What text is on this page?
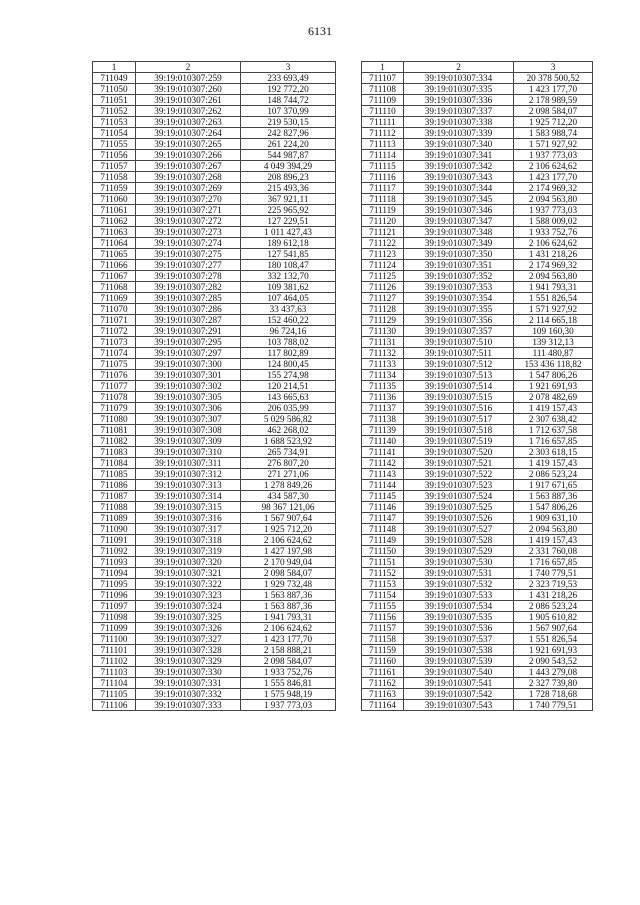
6131
1	2	3
711049	39:19:010307:259	233 693,49
711050	39:19:010307:260	192 772,20
711051	39:19:010307:261	148 744,72
711052	39:19:010307:262	107 370,99
711053	39:19:010307:263	219 530,15
711054	39:19:010307:264	242 827,96
711055	39:19:010307:265	261 224,20
711056	39:19:010307:266	544 987,87
711057	39:19:010307:267	4 049 394,29
711058	39:19:010307:268	208 896,23
711059	39:19:010307:269	215 493,36
711060	39:19:010307:270	367 921,11
711061	39:19:010307:271	225 965,92
711062	39:19:010307:272	127 229,51
711063	39:19:010307:273	1 011 427,43
711064	39:19:010307:274	189 612,18
711065	39:19:010307:275	127 541,85
711066	39:19:010307:277	180 108,47
711067	39:19:010307:278	332 132,70
711068	39:19:010307:282	109 381,62
711069	39:19:010307:285	107 464,05
711070	39:19:010307:286	33 437,63
711071	39:19:010307:287	152 460,22
711072	39:19:010307:291	96 724,16
711073	39:19:010307:295	103 788,02
711074	39:19:010307:297	117 802,89
711075	39:19:010307:300	124 800,45
711076	39:19:010307:301	155 274,98
711077	39:19:010307:302	120 214,51
711078	39:19:010307:305	143 665,63
711079	39:19:010307:306	206 035,99
711080	39:19:010307:307	5 029 586,82
711081	39:19:010307:308	462 268,02
711082	39:19:010307:309	1 688 523,92
711083	39:19:010307:310	265 734,91
711084	39:19:010307:311	276 807,20
711085	39:19:010307:312	271 271,06
711086	39:19:010307:313	1 278 849,26
711087	39:19:010307:314	434 587,30
711088	39:19:010307:315	98 367 121,06
711089	39:19:010307:316	1 567 907,64
711090	39:19:010307:317	1 925 712,20
711091	39:19:010307:318	2 106 624,62
711092	39:19:010307:319	1 427 197,98
711093	39:19:010307:320	2 170 949,04
711094	39:19:010307:321	2 098 584,07
711095	39:19:010307:322	1 929 732,48
711096	39:19:010307:323	1 563 887,36
711097	39:19:010307:324	1 563 887,36
711098	39:19:010307:325	1 941 793,31
711099	39:19:010307:326	2 106 624,62
711100	39:19:010307:327	1 423 177,70
711101	39:19:010307:328	2 158 888,21
711102	39:19:010307:329	2 098 584,07
711103	39:19:010307:330	1 933 752,76
711104	39:19:010307:331	1 555 846,81
711105	39:19:010307:332	1 575 948,19
711106	39:19:010307:333	1 937 773,03
1	2	3
711107	39:19:010307:334	20 378 500,52
711108	39:19:010307:335	1 423 177,70
711109	39:19:010307:336	2 178 989,59
711110	39:19:010307:337	2 098 584,07
711111	39:19:010307:338	1 925 712,20
711112	39:19:010307:339	1 583 988,74
711113	39:19:010307:340	1 571 927,92
711114	39:19:010307:341	1 937 773,03
711115	39:19:010307:342	2 106 624,62
711116	39:19:010307:343	1 423 177,70
711117	39:19:010307:344	2 174 969,32
711118	39:19:010307:345	2 094 563,80
711119	39:19:010307:346	1 937 773,03
711120	39:19:010307:347	1 588 009,02
711121	39:19:010307:348	1 933 752,76
711122	39:19:010307:349	2 106 624,62
711123	39:19:010307:350	1 431 218,26
711124	39:19:010307:351	2 174 969,32
711125	39:19:010307:352	2 094 563,80
711126	39:19:010307:353	1 941 793,31
711127	39:19:010307:354	1 551 826,54
711128	39:19:010307:355	1 571 927,92
711129	39:19:010307:356	2 114 665,18
711130	39:19:010307:357	109 160,30
711131	39:19:010307:510	139 312,13
711132	39:19:010307:511	111 480,87
711133	39:19:010307:512	153 436 118,82
711134	39:19:010307:513	1 547 806,26
711135	39:19:010307:514	1 921 691,93
711136	39:19:010307:515	2 078 482,69
711137	39:19:010307:516	1 419 157,43
711138	39:19:010307:517	2 307 638,42
711139	39:19:010307:518	1 712 637,58
711140	39:19:010307:519	1 716 657,85
711141	39:19:010307:520	2 303 618,15
711142	39:19:010307:521	1 419 157,43
711143	39:19:010307:522	2 086 523,24
711144	39:19:010307:523	1 917 671,65
711145	39:19:010307:524	1 563 887,36
711146	39:19:010307:525	1 547 806,26
711147	39:19:010307:526	1 909 631,10
711148	39:19:010307:527	2 094 563,80
711149	39:19:010307:528	1 419 157,43
711150	39:19:010307:529	2 331 760,08
711151	39:19:010307:530	1 716 657,85
711152	39:19:010307:531	1 740 779,51
711153	39:19:010307:532	2 323 719,53
711154	39:19:010307:533	1 431 218,26
711155	39:19:010307:534	2 086 523,24
711156	39:19:010307:535	1 905 610,82
711157	39:19:010307:536	1 567 907,64
711158	39:19:010307:537	1 551 826,54
711159	39:19:010307:538	1 921 691,93
711160	39:19:010307:539	2 090 543,52
711161	39:19:010307:540	1 443 279,08
711162	39:19:010307:541	2 327 739,80
711163	39:19:010307:542	1 728 718,68
711164	39:19:010307:543	1 740 779,51
